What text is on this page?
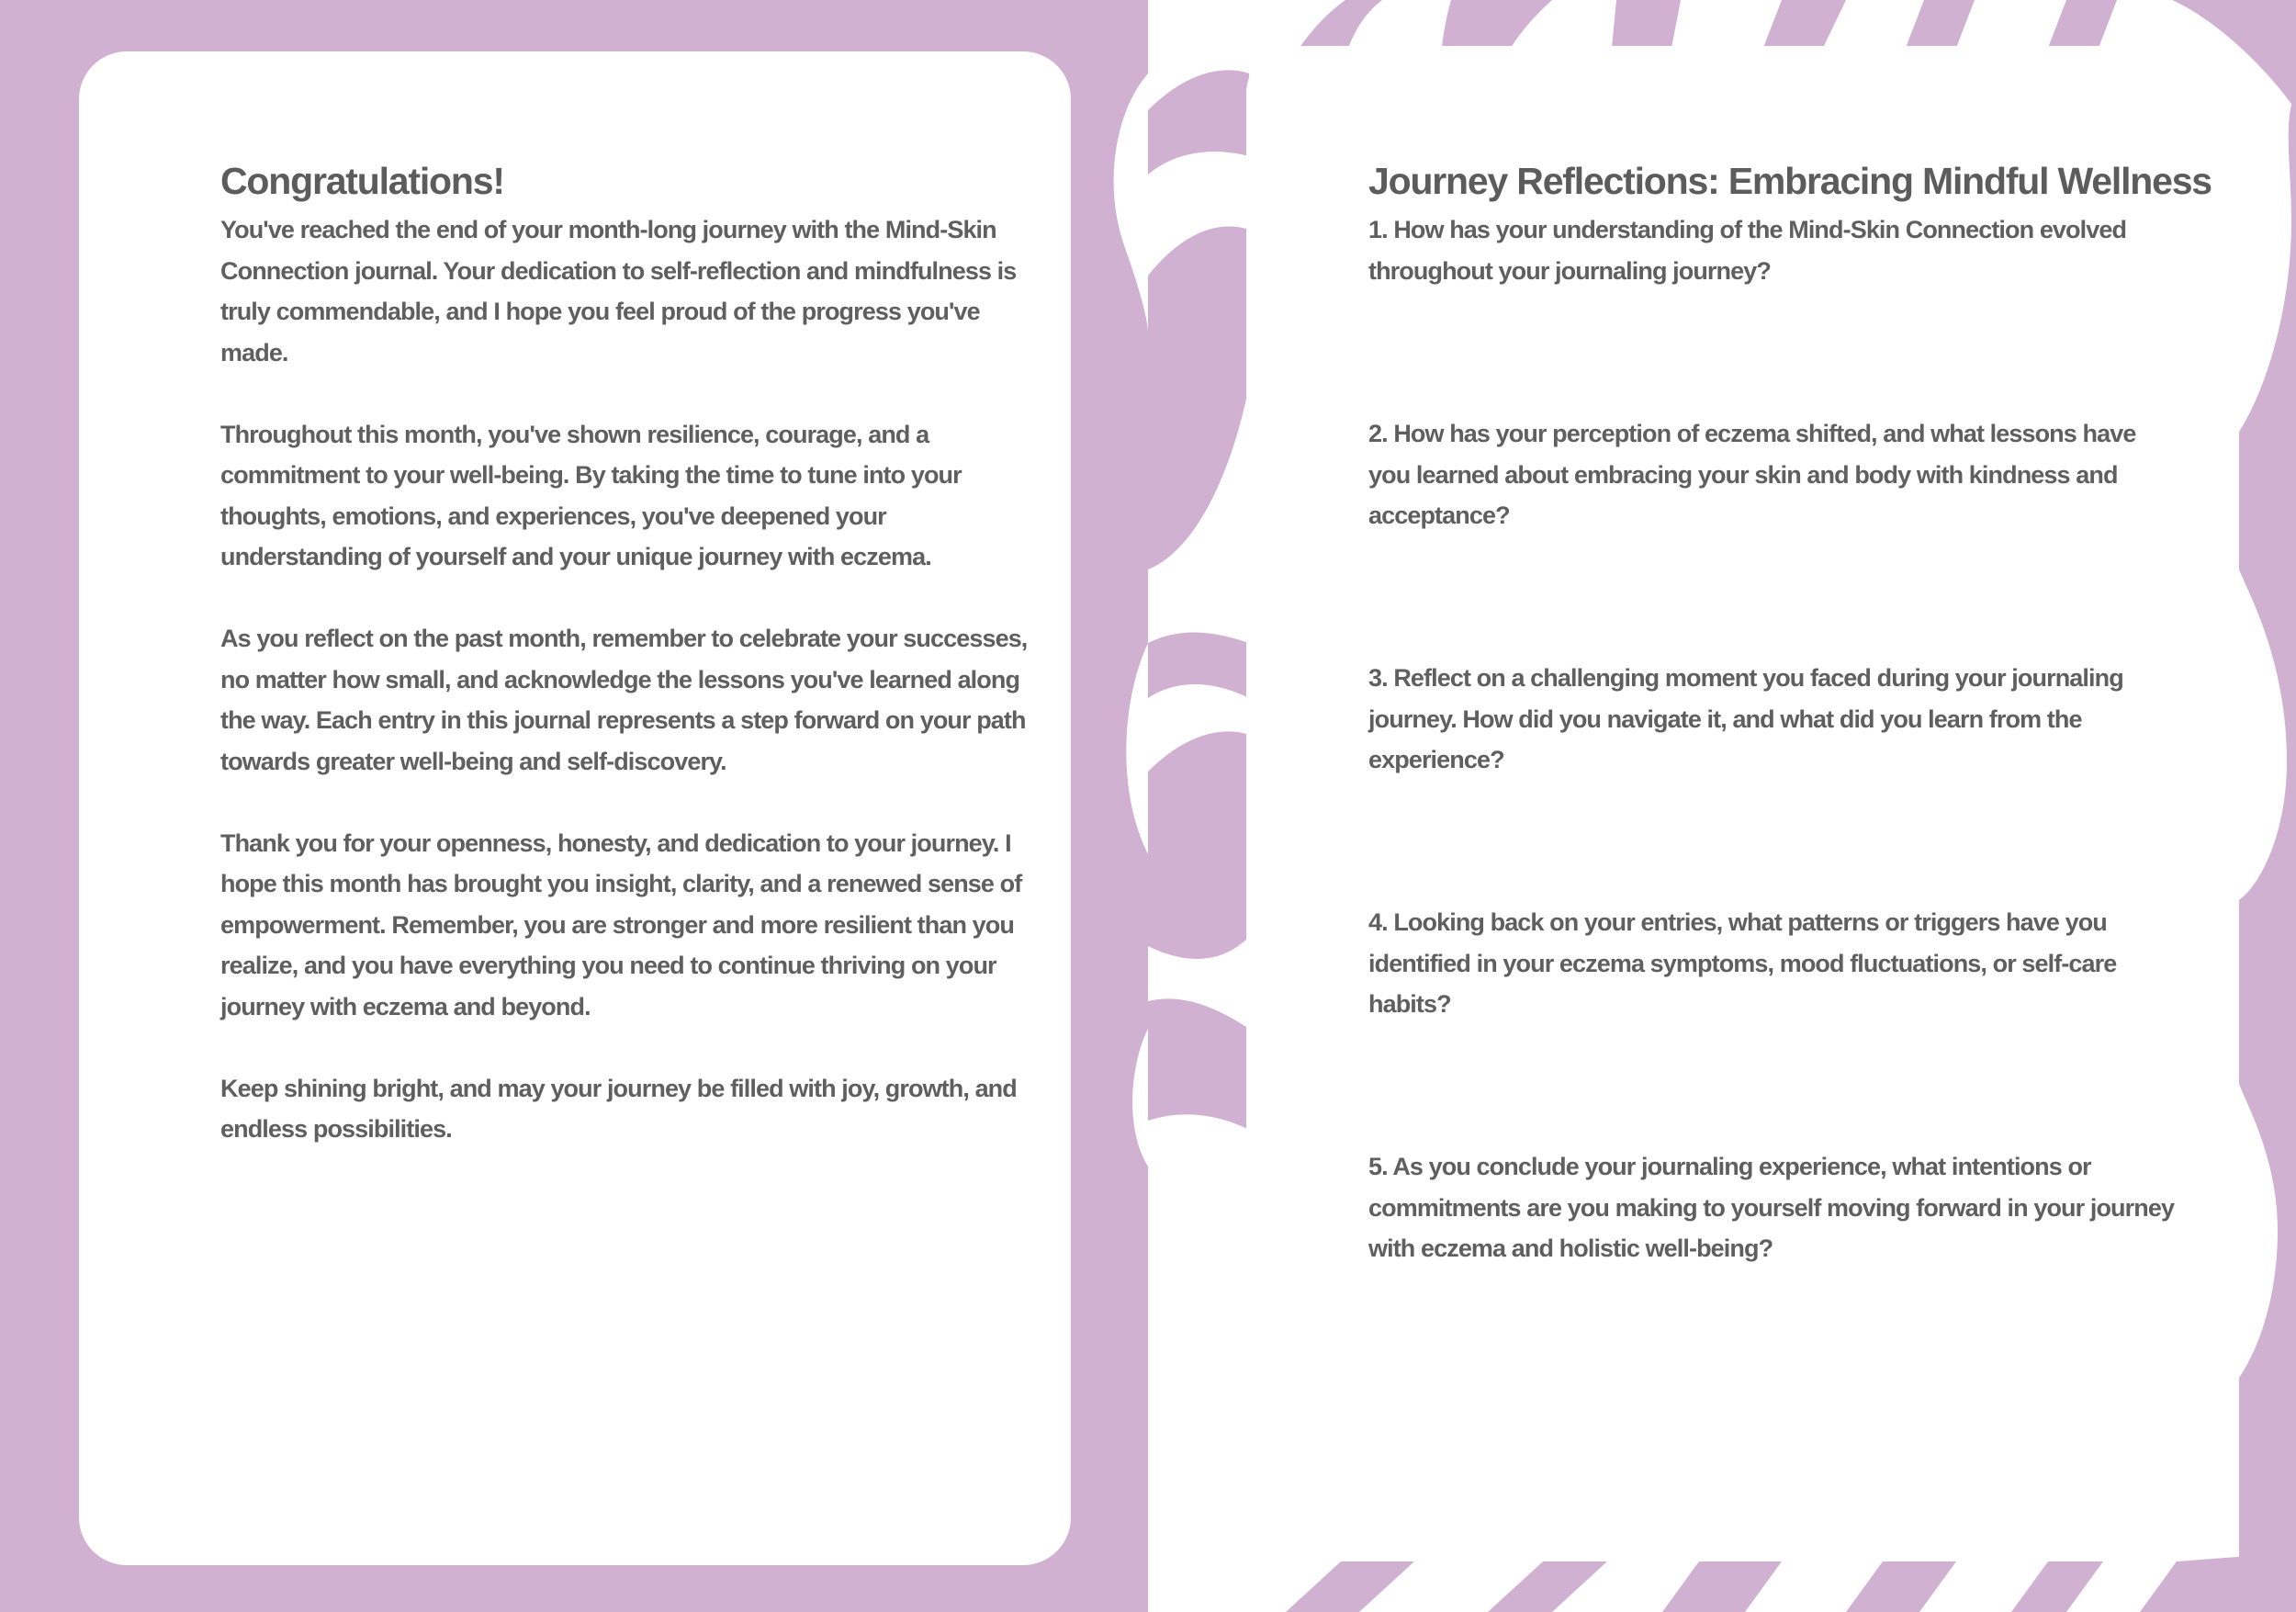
Congratulations!

You've reached the end of your month-long journey with the Mind-Skin Connection journal. Your dedication to self-reflection and mindfulness is truly commendable, and I hope you feel proud of the progress you've made.

Throughout this month, you've shown resilience, courage, and a commitment to your well-being. By taking the time to tune into your thoughts, emotions, and experiences, you've deepened your understanding of yourself and your unique journey with eczema.

As you reflect on the past month, remember to celebrate your successes, no matter how small, and acknowledge the lessons you've learned along the way. Each entry in this journal represents a step forward on your path towards greater well-being and self-discovery.

Thank you for your openness, honesty, and dedication to your journey. I hope this month has brought you insight, clarity, and a renewed sense of empowerment. Remember, you are stronger and more resilient than you realize, and you have everything you need to continue thriving on your journey with eczema and beyond.

Keep shining bright, and may your journey be filled with joy, growth, and endless possibilities.

Journey Reflections: Embracing Mindful Wellness

1. How has your understanding of the Mind-Skin Connection evolved throughout your journaling journey?

2. How has your perception of eczema shifted, and what lessons have you learned about embracing your skin and body with kindness and acceptance?

3. Reflect on a challenging moment you faced during your journaling journey. How did you navigate it, and what did you learn from the experience?

4. Looking back on your entries, what patterns or triggers have you identified in your eczema symptoms, mood fluctuations, or self-care habits?

5. As you conclude your journaling experience, what intentions or commitments are you making to yourself moving forward in your journey with eczema and holistic well-being?
